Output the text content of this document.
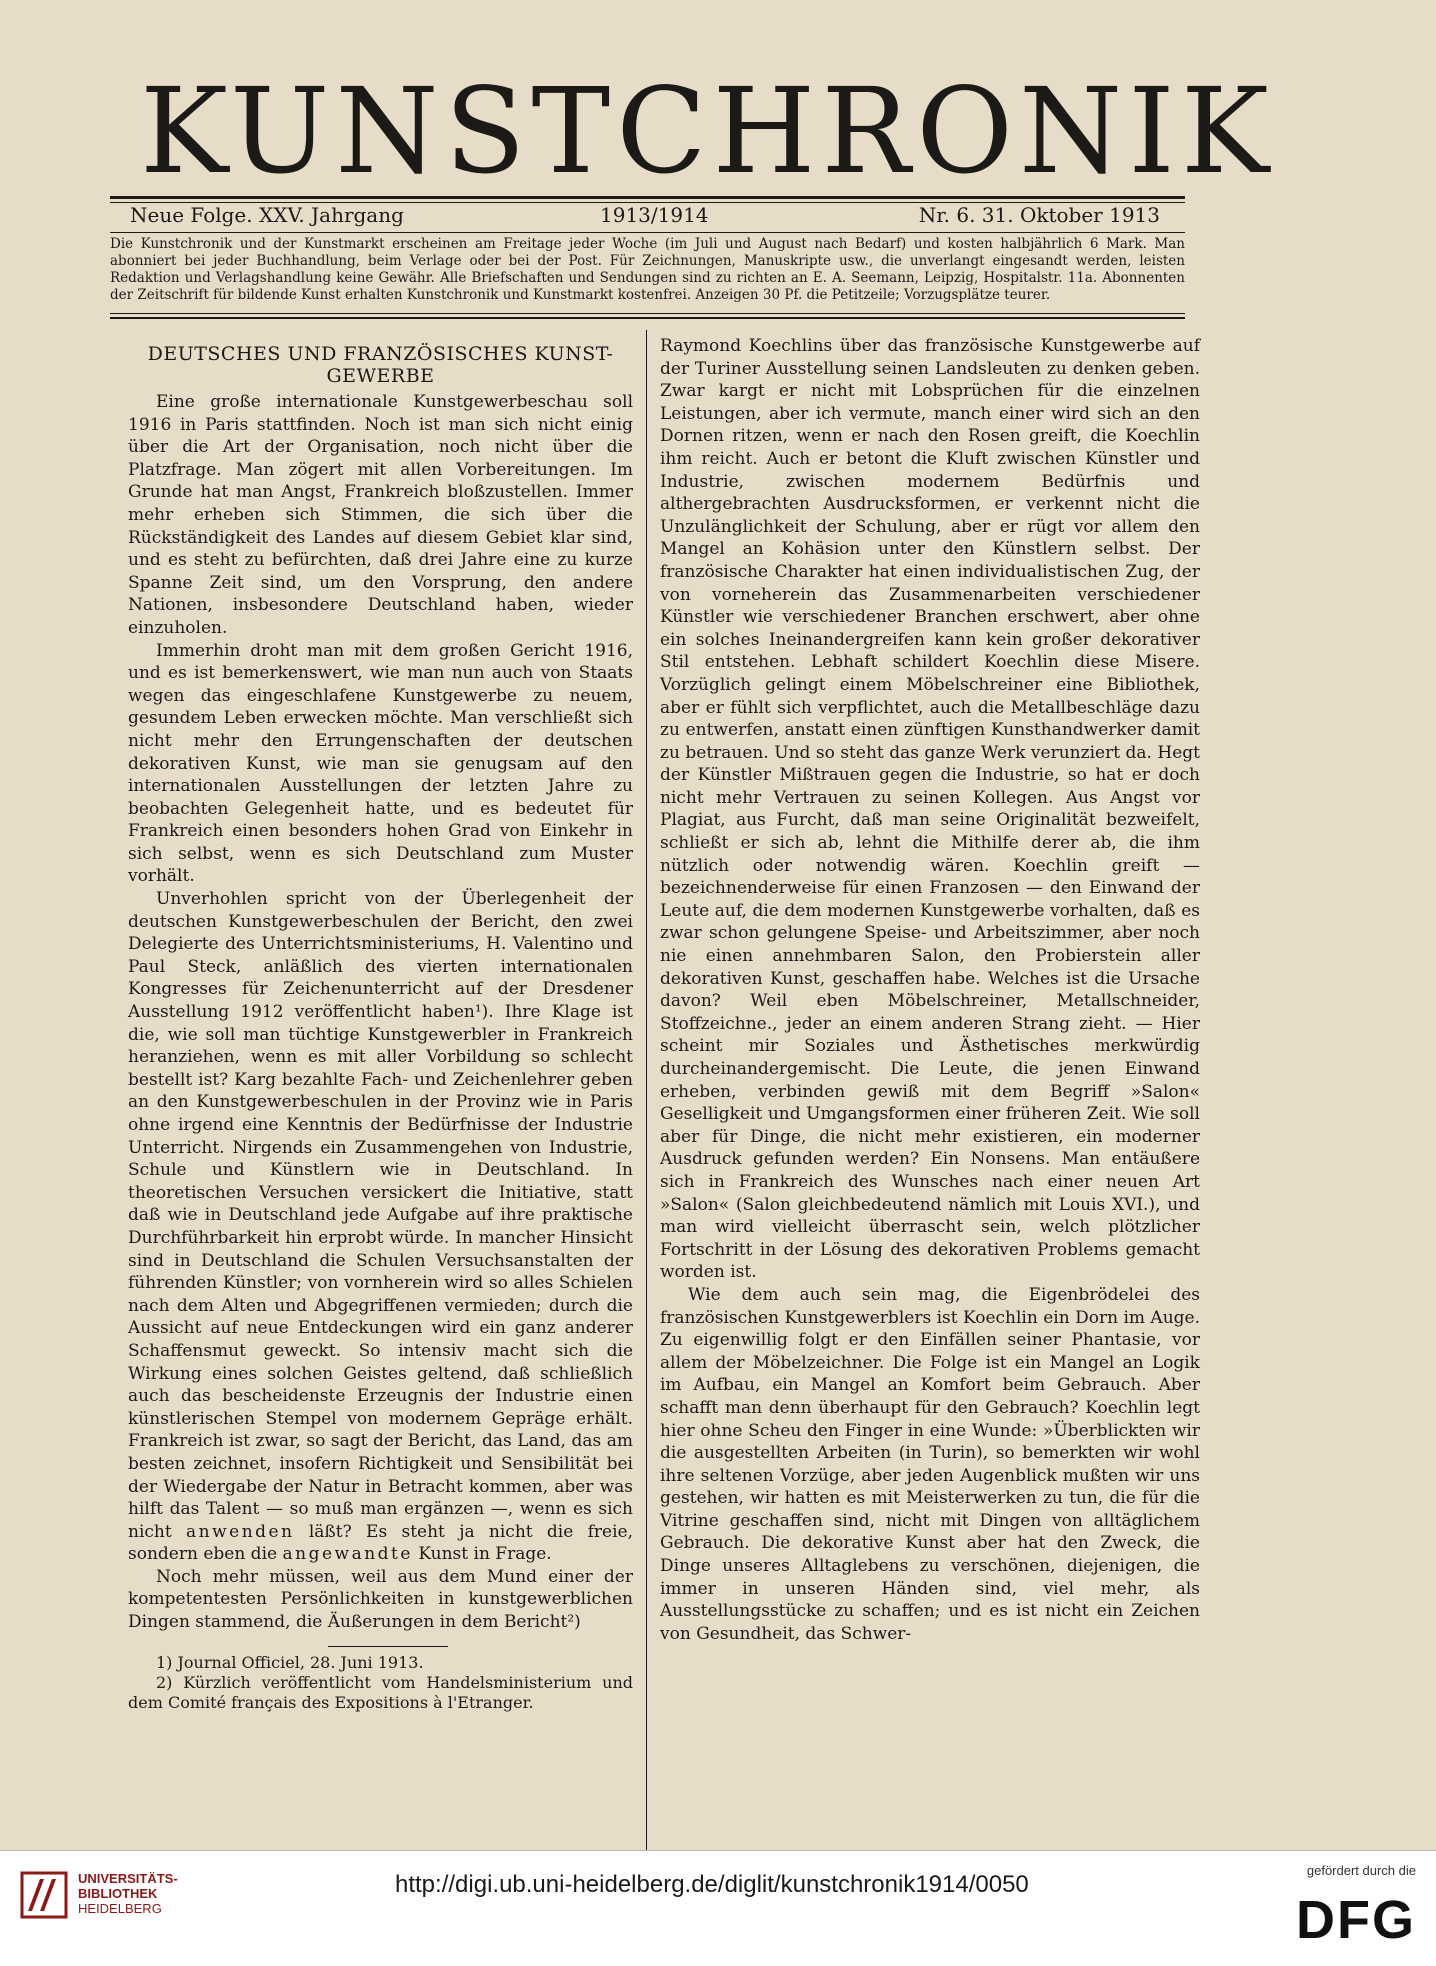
KUNSTCHRONIK
Neue Folge. XXV. Jahrgang	1913/1914	Nr. 6. 31. Oktober 1913
Die Kunstchronik und der Kunstmarkt erscheinen am Freitage jeder Woche (im Juli und August nach Bedarf) und kosten halbjährlich 6 Mark. Man abonniert bei jeder Buchhandlung, beim Verlage oder bei der Post. Für Zeichnungen, Manuskripte usw., die unverlangt eingesandt werden, leisten Redaktion und Verlagshandlung keine Gewähr. Alle Briefschaften und Sendungen sind zu richten an E. A. Seemann, Leipzig, Hospitalstr. 11a. Abonnenten der Zeitschrift für bildende Kunst erhalten Kunstchronik und Kunstmarkt kostenfrei. Anzeigen 30 Pf. die Petitzeile; Vorzugsplätze teurer.
DEUTSCHES UND FRANZÖSISCHES KUNST-GEWERBE

Eine große internationale Kunstgewerbeschau soll 1916 in Paris stattfinden. Noch ist man sich nicht einig über die Art der Organisation, noch nicht über die Platzfrage. Man zögert mit allen Vorbereitungen. Im Grunde hat man Angst, Frankreich bloßzustellen. Immer mehr erheben sich Stimmen, die sich über die Rückständigkeit des Landes auf diesem Gebiet klar sind, und es steht zu befürchten, daß drei Jahre eine zu kurze Spanne Zeit sind, um den Vorsprung, den andere Nationen, insbesondere Deutschland haben, wieder einzuholen.

Immerhin droht man mit dem großen Gericht 1916, und es ist bemerkenswert, wie man nun auch von Staats wegen das eingeschlafene Kunstgewerbe zu neuem, gesundem Leben erwecken möchte. Man verschließt sich nicht mehr den Errungenschaften der deutschen dekorativen Kunst, wie man sie genugsam auf den internationalen Ausstellungen der letzten Jahre zu beobachten Gelegenheit hatte, und es bedeutet für Frankreich einen besonders hohen Grad von Einkehr in sich selbst, wenn es sich Deutschland zum Muster vorhält.

Unverhohlen spricht von der Überlegenheit der deutschen Kunstgewerbeschulen der Bericht, den zwei Delegierte des Unterrichtsministeriums, H. Valentino und Paul Steck, anläßlich des vierten internationalen Kongresses für Zeichenunterricht auf der Dresdener Ausstellung 1912 veröffentlicht haben¹). Ihre Klage ist die, wie soll man tüchtige Kunstgewerbler in Frankreich heranziehen, wenn es mit aller Vorbildung so schlecht bestellt ist? Karg bezahlte Fach- und Zeichenlehrer geben an den Kunstgewerbeschulen in der Provinz wie in Paris ohne irgend eine Kenntnis der Bedürfnisse der Industrie Unterricht. Nirgends ein Zusammengehen von Industrie, Schule und Künstlern wie in Deutschland. In theoretischen Versuchen versickert die Initiative, statt daß wie in Deutschland jede Aufgabe auf ihre praktische Durchführbarkeit hin erprobt würde. In mancher Hinsicht sind in Deutschland die Schulen Versuchsanstalten der führenden Künstler; von vornherein wird so alles Schielen nach dem Alten und Abgegriffenen vermieden; durch die Aussicht auf neue Entdeckungen wird ein ganz anderer Schaffensmut geweckt. So intensiv macht sich die Wirkung eines solchen Geistes geltend, daß schließlich auch das bescheidenste Erzeugnis der Industrie einen künstlerischen Stempel von modernem Gepräge erhält. Frankreich ist zwar, so sagt der Bericht, das Land, das am besten zeichnet, insofern Richtigkeit und Sensibilität bei der Wiedergabe der Natur in Betracht kommen, aber was hilft das Talent — so muß man ergänzen —, wenn es sich nicht anwenden läßt? Es steht ja nicht die freie, sondern eben die angewandte Kunst in Frage.

Noch mehr müssen, weil aus dem Mund einer der kompetentesten Persönlichkeiten in kunstgewerblichen Dingen stammend, die Äußerungen in dem Bericht²)

1) Journal Officiel, 28. Juni 1913.

2) Kürzlich veröffentlicht vom Handelsministerium und dem Comité français des Expositions à l'Etranger.

Raymond Koechlins über das französische Kunstgewerbe auf der Turiner Ausstellung seinen Landsleuten zu denken geben. Zwar kargt er nicht mit Lobsprüchen für die einzelnen Leistungen, aber ich vermute, manch einer wird sich an den Dornen ritzen, wenn er nach den Rosen greift, die Koechlin ihm reicht. Auch er betont die Kluft zwischen Künstler und Industrie, zwischen modernem Bedürfnis und althergebrachten Ausdrucksformen, er verkennt nicht die Unzulänglichkeit der Schulung, aber er rügt vor allem den Mangel an Kohäsion unter den Künstlern selbst. Der französische Charakter hat einen individualistischen Zug, der von vorneherein das Zusammenarbeiten verschiedener Künstler wie verschiedener Branchen erschwert, aber ohne ein solches Ineinandergreifen kann kein großer dekorativer Stil entstehen. Lebhaft schildert Koechlin diese Misere. Vorzüglich gelingt einem Möbelschreiner eine Bibliothek, aber er fühlt sich verpflichtet, auch die Metallbeschläge dazu zu entwerfen, anstatt einen zünftigen Kunsthandwerker damit zu betrauen. Und so steht das ganze Werk verunziert da. Hegt der Künstler Mißtrauen gegen die Industrie, so hat er doch nicht mehr Vertrauen zu seinen Kollegen. Aus Angst vor Plagiat, aus Furcht, daß man seine Originalität bezweifelt, schließt er sich ab, lehnt die Mithilfe derer ab, die ihm nützlich oder notwendig wären. Koechlin greift — bezeichnenderweise für einen Franzosen — den Einwand der Leute auf, die dem modernen Kunstgewerbe vorhalten, daß es zwar schon gelungene Speise- und Arbeitszimmer, aber noch nie einen annehmbaren Salon, den Probierstein aller dekorativen Kunst, geschaffen habe. Welches ist die Ursache davon? Weil eben Möbelschreiner, Metallschneider, Stoffzeichne., jeder an einem anderen Strang zieht. — Hier scheint mir Soziales und Ästhetisches merkwürdig durcheinandergemischt. Die Leute, die jenen Einwand erheben, verbinden gewiß mit dem Begriff »Salon« Geselligkeit und Umgangsformen einer früheren Zeit. Wie soll aber für Dinge, die nicht mehr existieren, ein moderner Ausdruck gefunden werden? Ein Nonsens. Man entäußere sich in Frankreich des Wunsches nach einer neuen Art »Salon« (Salon gleichbedeutend nämlich mit Louis XVI.), und man wird vielleicht überrascht sein, welch plötzlicher Fortschritt in der Lösung des dekorativen Problems gemacht worden ist.

Wie dem auch sein mag, die Eigenbrödelei des französischen Kunstgewerblers ist Koechlin ein Dorn im Auge. Zu eigenwillig folgt er den Einfällen seiner Phantasie, vor allem der Möbelzeichner. Die Folge ist ein Mangel an Logik im Aufbau, ein Mangel an Komfort beim Gebrauch. Aber schafft man denn überhaupt für den Gebrauch? Koechlin legt hier ohne Scheu den Finger in eine Wunde: »Überblickten wir die ausgestellten Arbeiten (in Turin), so bemerkten wir wohl ihre seltenen Vorzüge, aber jeden Augenblick mußten wir uns gestehen, wir hatten es mit Meisterwerken zu tun, die für die Vitrine geschaffen sind, nicht mit Dingen von alltäglichem Gebrauch. Die dekorative Kunst aber hat den Zweck, die Dinge unseres Alltaglebens zu verschönen, diejenigen, die immer in unseren Händen sind, viel mehr, als Ausstellungsstücke zu schaffen; und es ist nicht ein Zeichen von Gesundheit, das Schwer-

UNIVERSITÄTS-
BIBLIOTHEK
HEIDELBERG
http://digi.ub.uni-heidelberg.de/diglit/kunstchronik1914/0050
gefördert durch die
DFG
